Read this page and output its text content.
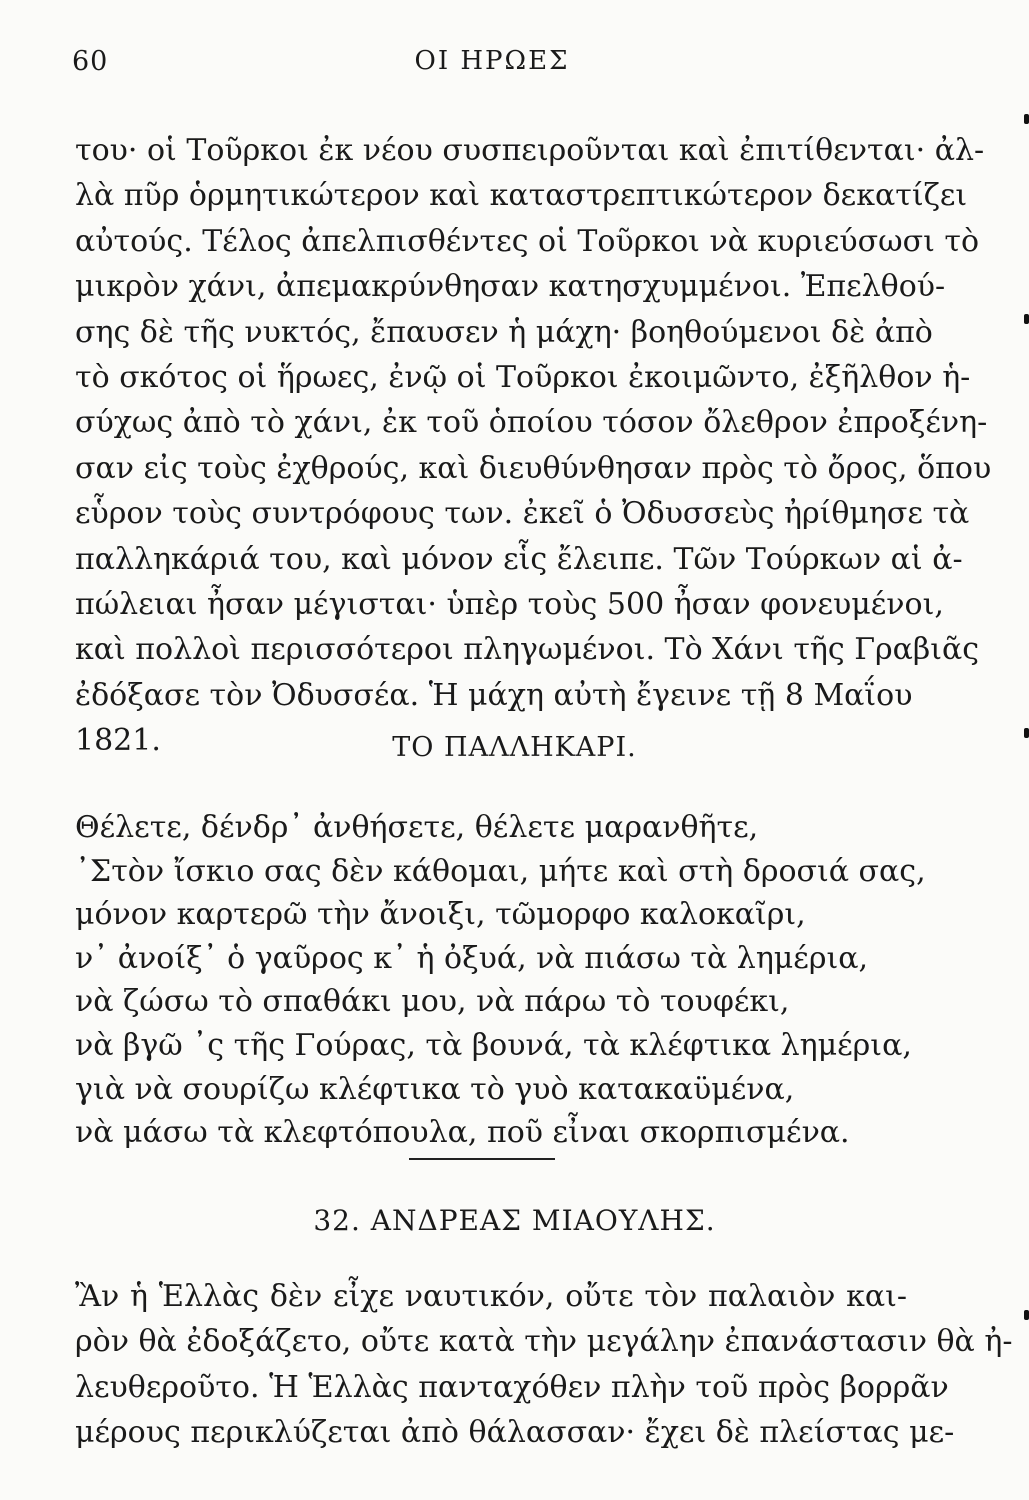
60	ΟΙ ΗΡΩΕΣ
του· οἱ Τοῦρκοι ἐκ νέου συσπειροῦνται καὶ ἐπιτίθενται· ἀλ-
λὰ πῦρ ὁρμητικώτερον καὶ καταστρεπτικώτερον δεκατίζει
αὐτούς. Τέλος ἀπελπισθέντες οἱ Τοῦρκοι νὰ κυριεύσωσι τὸ
μικρὸν χάνι, ἀπεμακρύνθησαν κατησχυμμένοι. Ἐπελθού-
σης δὲ τῆς νυκτός, ἔπαυσεν ἡ μάχη· βοηθούμενοι δὲ ἀπὸ
τὸ σκότος οἱ ἥρωες, ἐνῷ οἱ Τοῦρκοι ἐκοιμῶντο, ἐξῆλθον ἡ-
σύχως ἀπὸ τὸ χάνι, ἐκ τοῦ ὁποίου τόσον ὄλεθρον ἐπροξένη-
σαν εἰς τοὺς ἐχθρούς, καὶ διευθύνθησαν πρὸς τὸ ὄρος, ὅπου
εὗρον τοὺς συντρόφους των. ἐκεῖ ὁ Ὀδυσσεὺς ἠρίθμησε τὰ
παλληκάριά του, καὶ μόνον εἷς ἔλειπε. Τῶν Τούρκων αἱ ἀ-
πώλειαι ἦσαν μέγισται· ὑπὲρ τοὺς 500 ἦσαν φονευμένοι,
καὶ πολλοὶ περισσότεροι πληγωμένοι. Τὸ Χάνι τῆς Γραβιᾶς
ἐδόξασε τὸν Ὀδυσσέα. Ἡ μάχη αὐτὴ ἔγεινε τῇ 8 Μαΐου
1821.	ΤΟ ΠΑΛΛΗΚΑΡΙ.
Θέλετε, δένδρ᾽ ἀνθήσετε, θέλετε μαρανθῆτε,
᾽Στὸν ἴσκιο σας δὲν κάθομαι, μήτε καὶ στὴ δροσιά σας,
μόνον καρτερῶ τὴν ἄνοιξι, τῶμορφο καλοκαῖρι,
ν᾽ ἀνοίξ᾽ ὁ γαῦρος κ᾽ ἡ ὀξυά, νὰ πιάσω τὰ λημέρια,
νὰ ζώσω τὸ σπαθάκι μου, νὰ πάρω τὸ τουφέκι,
νὰ βγῶ ᾽ς τῆς Γούρας, τὰ βουνά, τὰ κλέφτικα λημέρια,
γιὰ νὰ σουρίζω κλέφτικα τὸ γυὸ κατακαϋμένα,
νὰ μάσω τὰ κλεφτόπουλα, ποῦ εἶναι σκορπισμένα.
32. ΑΝΔΡΕΑΣ ΜΙΑΟΥΛΗΣ.
Ἂν ἡ Ἑλλὰς δὲν εἶχε ναυτικόν, οὔτε τὸν παλαιὸν και-
ρὸν θὰ ἐδοξάζετο, οὔτε κατὰ τὴν μεγάλην ἐπανάστασιν θὰ ἠ-
λευθεροῦτο. Ἡ Ἑλλὰς πανταχόθεν πλὴν τοῦ πρὸς βορρᾶν
μέρους περικλύζεται ἀπὸ θάλασσαν· ἔχει δὲ πλείστας με-
